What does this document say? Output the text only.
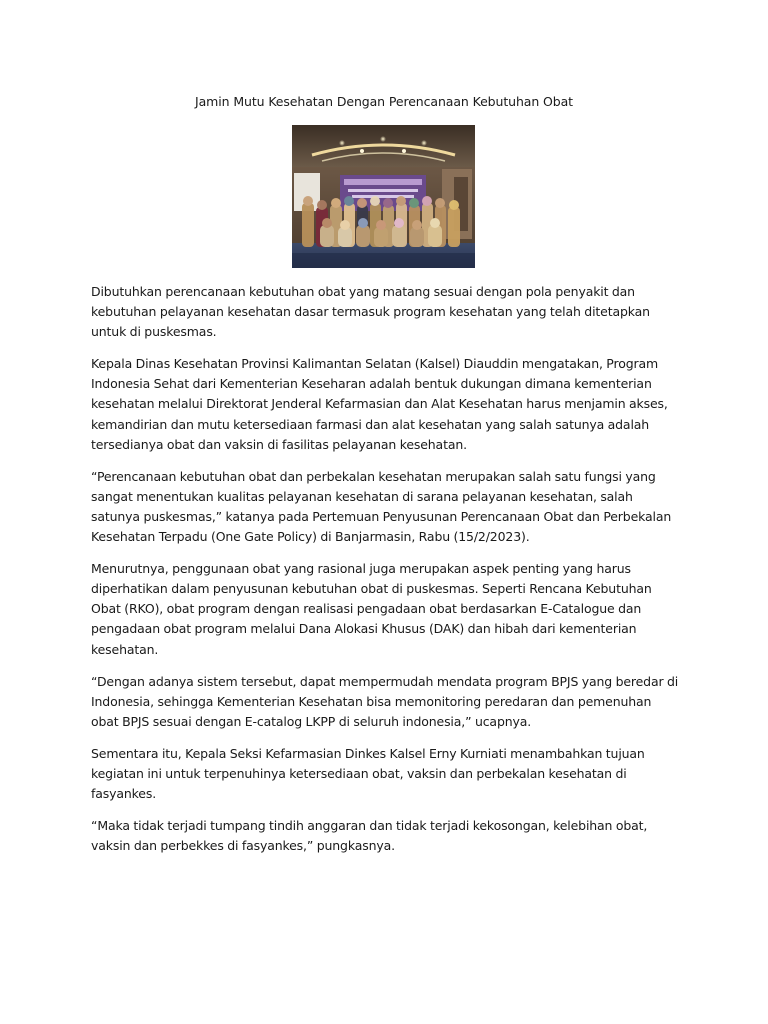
Jamin Mutu Kesehatan Dengan Perencanaan Kebutuhan Obat

Dibutuhkan perencanaan kebutuhan obat yang matang sesuai dengan pola penyakit dan kebutuhan pelayanan kesehatan dasar termasuk program kesehatan yang telah ditetapkan untuk di puskesmas.

Kepala Dinas Kesehatan Provinsi Kalimantan Selatan (Kalsel) Diauddin mengatakan, Program Indonesia Sehat dari Kementerian Keseharan adalah bentuk dukungan dimana kementerian kesehatan melalui Direktorat Jenderal Kefarmasian dan Alat Kesehatan harus menjamin akses, kemandirian dan mutu ketersediaan farmasi dan alat kesehatan yang salah satunya adalah tersedianya obat dan vaksin di fasilitas pelayanan kesehatan.

“Perencanaan kebutuhan obat dan perbekalan kesehatan merupakan salah satu fungsi yang sangat menentukan kualitas pelayanan kesehatan di sarana pelayanan kesehatan, salah satunya puskesmas,” katanya pada Pertemuan Penyusunan Perencanaan Obat dan Perbekalan Kesehatan Terpadu (One Gate Policy) di Banjarmasin, Rabu (15/2/2023).

Menurutnya, penggunaan obat yang rasional juga merupakan aspek penting yang harus diperhatikan dalam penyusunan kebutuhan obat di puskesmas. Seperti Rencana Kebutuhan Obat (RKO), obat program dengan realisasi pengadaan obat berdasarkan E-Catalogue dan pengadaan obat program melalui Dana Alokasi Khusus (DAK) dan hibah dari kementerian kesehatan.

“Dengan adanya sistem tersebut, dapat mempermudah mendata program BPJS yang beredar di Indonesia, sehingga Kementerian Kesehatan bisa memonitoring peredaran dan pemenuhan obat BPJS sesuai dengan E-catalog LKPP di seluruh indonesia,” ucapnya.

Sementara itu, Kepala Seksi Kefarmasian Dinkes Kalsel Erny Kurniati menambahkan tujuan kegiatan ini untuk terpenuhinya ketersediaan obat, vaksin dan perbekalan kesehatan di fasyankes.

“Maka tidak terjadi tumpang tindih anggaran dan tidak terjadi kekosongan, kelebihan obat, vaksin dan perbekkes di fasyankes,” pungkasnya.
